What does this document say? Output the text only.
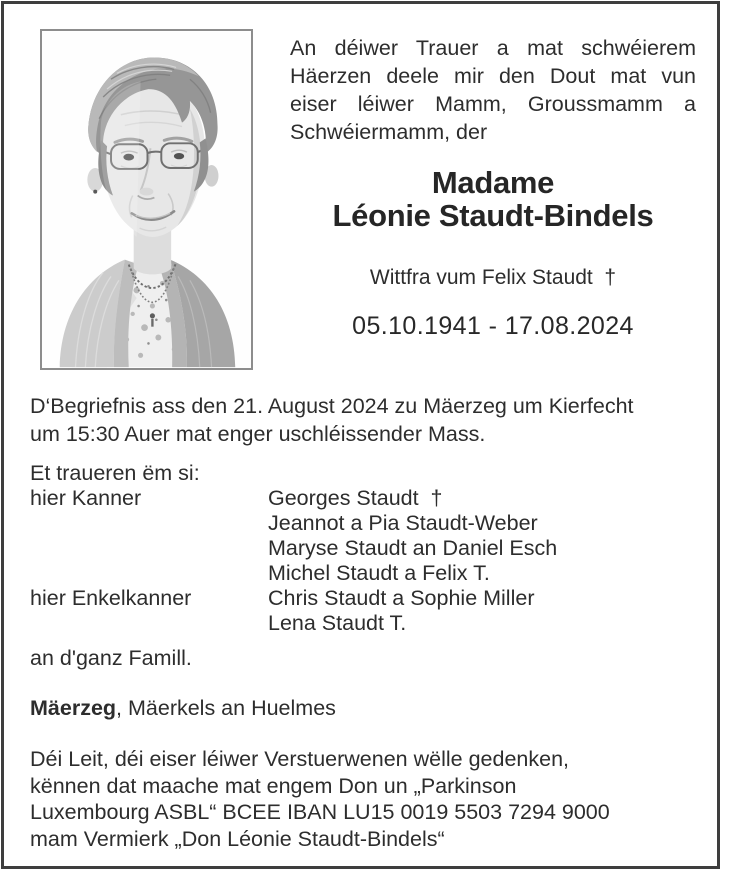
An déiwer Trauer a mat schwéierem
Häerzen deele mir den Dout mat vun
eiser léiwer Mamm, Groussmamm a
Schwéiermamm, der

Madame
Léonie Staudt-Bindels

Wittfra vum Felix Staudt  †

05.10.1941 - 17.08.2024

D‘Begriefnis ass den 21. August 2024 zu Mäerzeg um Kierfecht
um 15:30 Auer mat enger uschléissender Mass.

Et traueren ëm si:

hier Kanner	Georges Staudt  †
Jeannot a Pia Staudt-Weber
Maryse Staudt an Daniel Esch
Michel Staudt a Felix T.
hier Enkelkanner	Chris Staudt a Sophie Miller
Lena Staudt T.

an d'ganz Famill.

Mäerzeg, Mäerkels an Huelmes

Déi Leit, déi eiser léiwer Verstuerwenen wëlle gedenken,
kënnen dat maache mat engem Don un „Parkinson
Luxembourg ASBL“ BCEE IBAN LU15 0019 5503 7294 9000
mam Vermierk „Don Léonie Staudt-Bindels“
